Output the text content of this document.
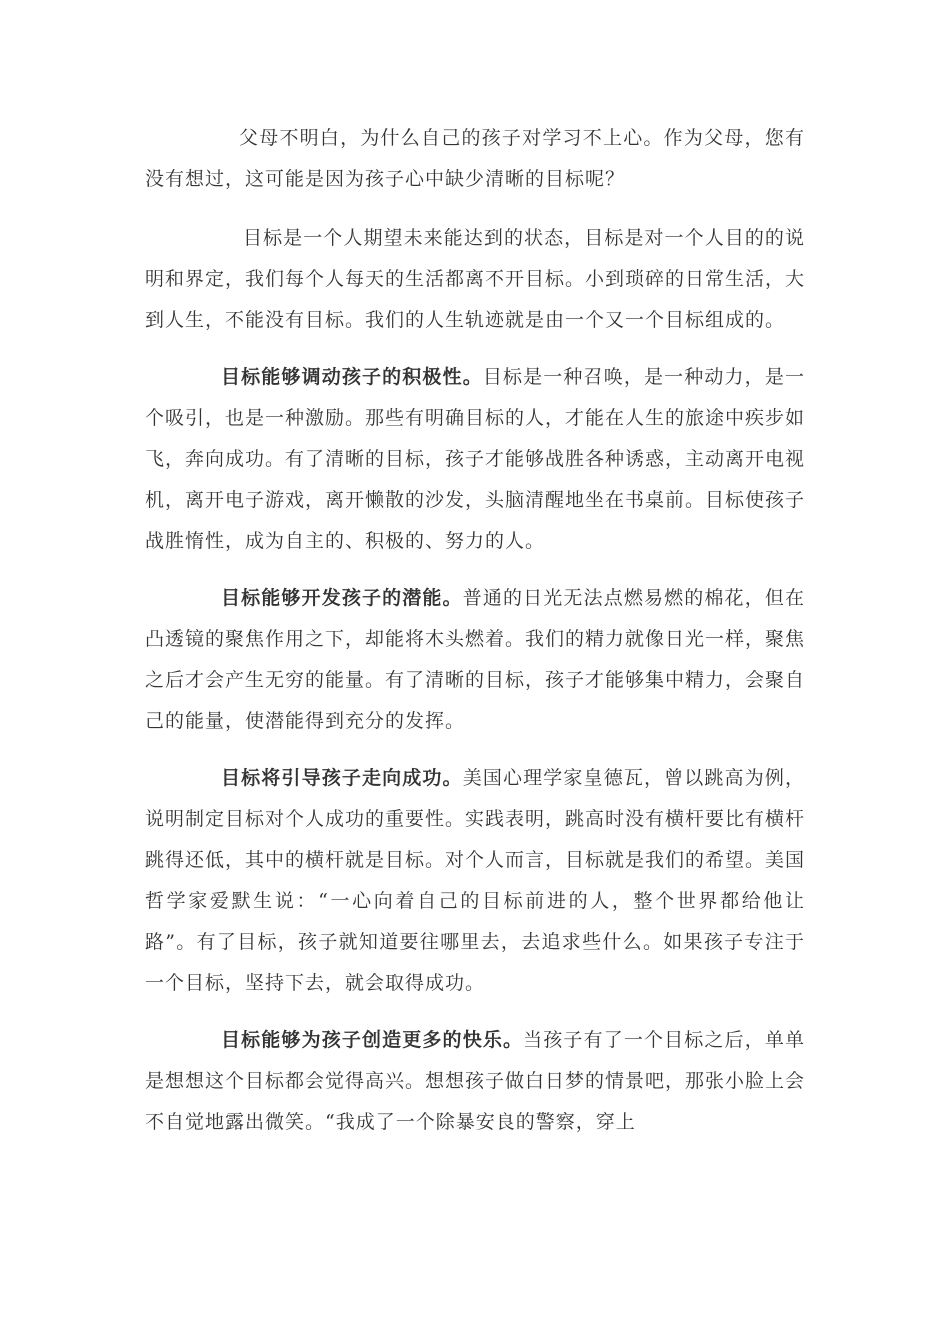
父母不明白，为什么自己的孩子对学习不上心。作为父母，您有没有想过，这可能是因为孩子心中缺少清晰的目标呢？

目标是一个人期望未来能达到的状态，目标是对一个人目的的说明和界定，我们每个人每天的生活都离不开目标。小到琐碎的日常生活，大到人生，不能没有目标。我们的人生轨迹就是由一个又一个目标组成的。

目标能够调动孩子的积极性。目标是一种召唤，是一种动力，是一个吸引，也是一种激励。那些有明确目标的人，才能在人生的旅途中疾步如飞，奔向成功。有了清晰的目标，孩子才能够战胜各种诱惑，主动离开电视机，离开电子游戏，离开懒散的沙发，头脑清醒地坐在书桌前。目标使孩子战胜惰性，成为自主的、积极的、努力的人。

目标能够开发孩子的潜能。普通的日光无法点燃易燃的棉花，但在凸透镜的聚焦作用之下，却能将木头燃着。我们的精力就像日光一样，聚焦之后才会产生无穷的能量。有了清晰的目标，孩子才能够集中精力，会聚自己的能量，使潜能得到充分的发挥。

目标将引导孩子走向成功。美国心理学家皇德瓦，曾以跳高为例，说明制定目标对个人成功的重要性。实践表明，跳高时没有横杆要比有横杆跳得还低，其中的横杆就是目标。对个人而言，目标就是我们的希望。美国哲学家爱默生说：“一心向着自己的目标前进的人，整个世界都给他让路”。有了目标，孩子就知道要往哪里去，去追求些什么。如果孩子专注于一个目标，坚持下去，就会取得成功。

目标能够为孩子创造更多的快乐。当孩子有了一个目标之后，单单是想想这个目标都会觉得高兴。想想孩子做白日梦的情景吧，那张小脸上会不自觉地露出微笑。“我成了一个除暴安良的警察，穿上
